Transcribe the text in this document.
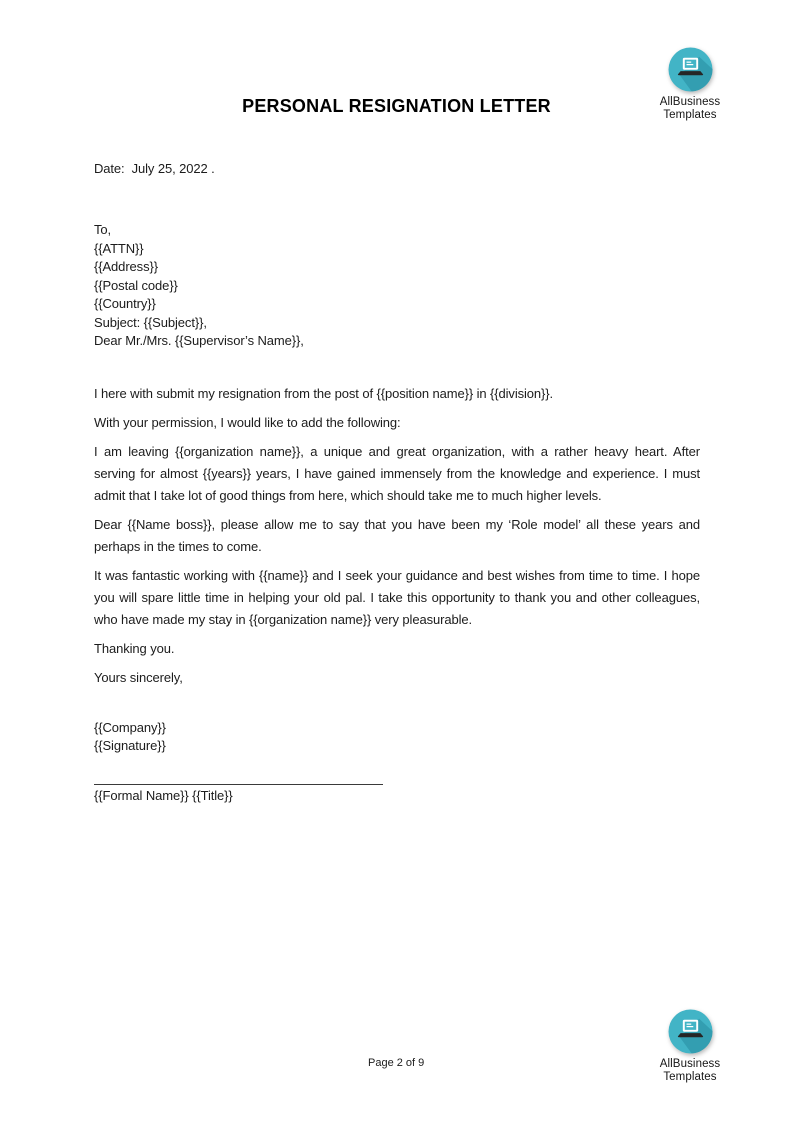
AllBusiness
Templates
PERSONAL RESIGNATION LETTER

Date:  July 25, 2022 .

To,
{{ATTN}}
{{Address}}
{{Postal code}}
{{Country}}

Subject: {{Subject}},

Dear Mr./Mrs. {{Supervisor’s Name}},

I here with submit my resignation from the post of {{position name}} in {{division}}.

With your permission, I would like to add the following:

I am leaving {{organization name}}, a unique and great organization, with a rather heavy heart. After serving for almost {{years}} years, I have gained immensely from the knowledge and experience. I must admit that I take lot of good things from here, which should take me to much higher levels.

Dear {{Name boss}}, please allow me to say that you have been my ‘Role model’ all these years and perhaps in the times to come.

It was fantastic working with {{name}} and I seek your guidance and best wishes from time to time. I hope you will spare little time in helping your old pal. I take this opportunity to thank you and other colleagues, who have made my stay in {{organization name}} very pleasurable.

Thanking you.

Yours sincerely,

{{Company}}
{{Signature}}

{{Formal Name}} {{Title}}

Page 2 of 9	AllBusiness
Templates
